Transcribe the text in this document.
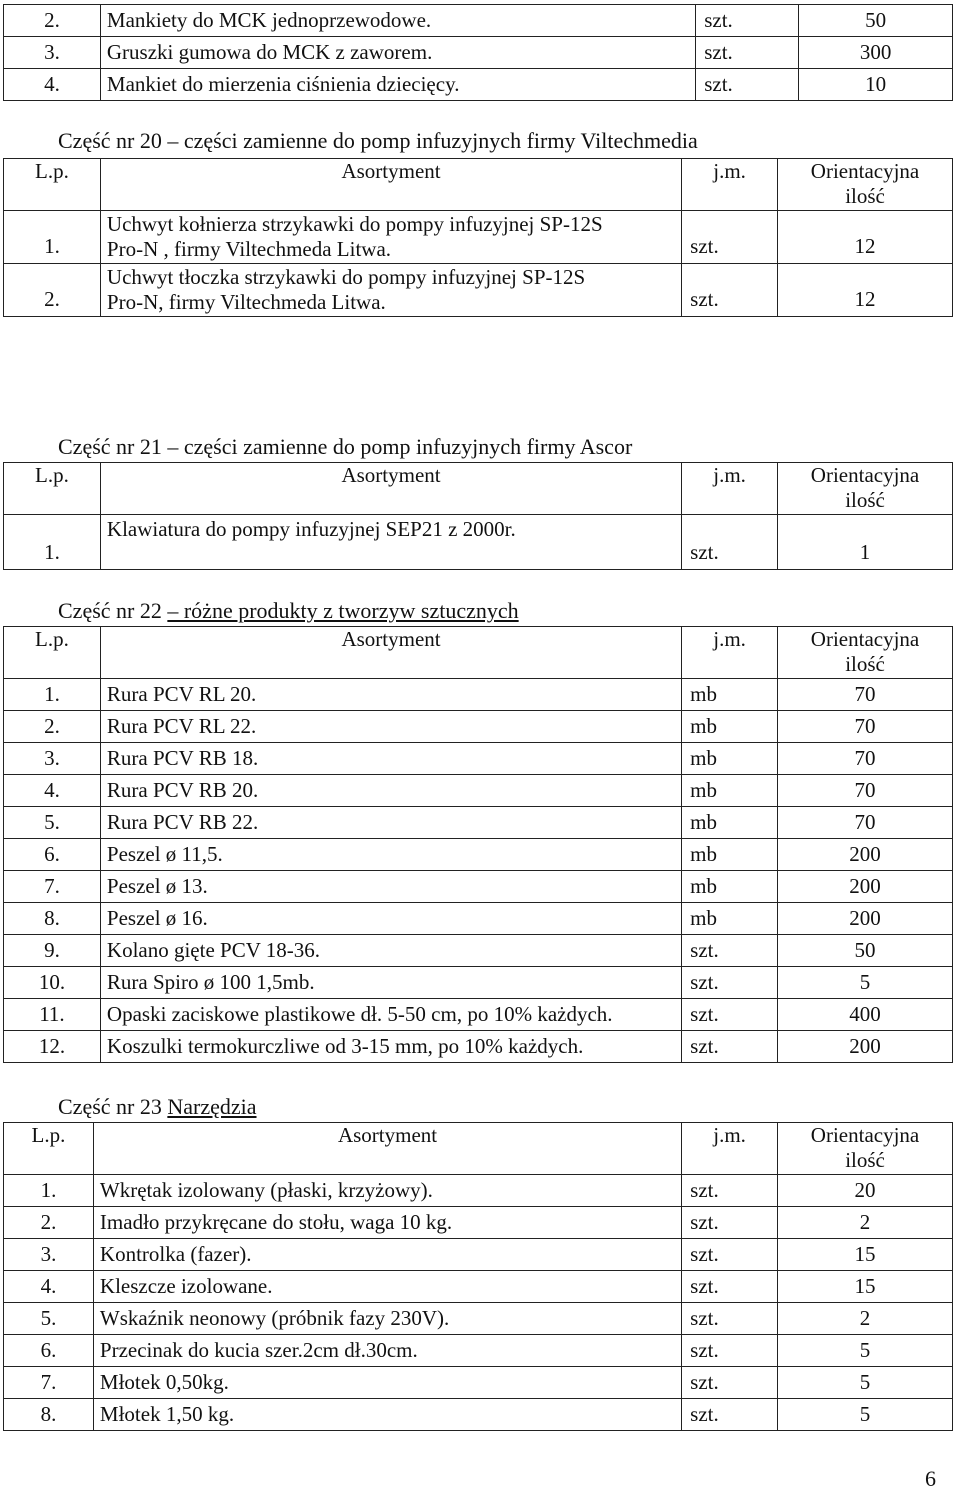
2.	Mankiety do MCK jednoprzewodowe.	szt.	50
3.	Gruszki gumowa do MCK z zaworem.	szt.	300
4.	Mankiet do mierzenia ciśnienia dziecięcy.	szt.	10
Część nr 20 – części zamienne do pomp infuzyjnych firmy Viltechmedia
L.p.	Asortyment	j.m.	Orientacyjna
ilość

1.	Uchwyt kołnierza strzykawki do pompy infuzyjnej SP-12S
Pro-N , firmy Viltechmeda Litwa.	szt.	12
2.	Uchwyt tłoczka strzykawki do pompy infuzyjnej SP-12S
Pro-N, firmy Viltechmeda Litwa.	szt.	12
Część nr 21 – części zamienne do pomp infuzyjnych firmy Ascor
L.p.	Asortyment	j.m.	Orientacyjna
ilość

1.	Klawiatura do pompy infuzyjnej SEP21 z 2000r.	szt.	1
Część nr 22 – różne produkty z tworzyw sztucznych
L.p.	Asortyment	j.m.	Orientacyjna
ilość

1.	Rura PCV RL 20.	mb	70
2.	Rura PCV RL 22.	mb	70
3.	Rura PCV RB 18.	mb	70
4.	Rura PCV RB 20.	mb	70
5.	Rura PCV RB 22.	mb	70
6.	Peszel ø 11,5.	mb	200
7.	Peszel ø 13.	mb	200
8.	Peszel ø 16.	mb	200
9.	Kolano gięte PCV 18-36.	szt.	50
10.	Rura Spiro ø 100 1,5mb.	szt.	5
11.	Opaski zaciskowe plastikowe dł. 5-50 cm, po 10% każdych.	szt.	400
12.	Koszulki termokurczliwe od 3-15 mm, po 10% każdych.	szt.	200
Część nr 23 Narzędzia
L.p.	Asortyment	j.m.	Orientacyjna
ilość

1.	Wkrętak izolowany (płaski, krzyżowy).	szt.	20
2.	Imadło przykręcane do stołu, waga 10 kg.	szt.	2
3.	Kontrolka (fazer).	szt.	15
4.	Kleszcze izolowane.	szt.	15
5.	Wskaźnik neonowy (próbnik fazy 230V).	szt.	2
6.	Przecinak do kucia szer.2cm dł.30cm.	szt.	5
7.	Młotek 0,50kg.	szt.	5
8.	Młotek 1,50 kg.	szt.	5
6
